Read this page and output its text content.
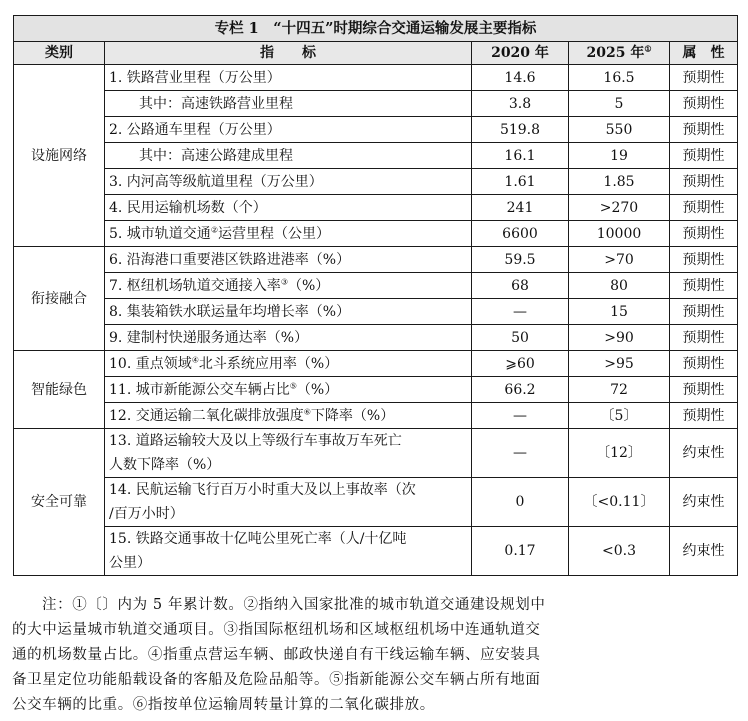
专栏 1　“十四五”时期综合交通运输发展主要指标				
类别	指　　标	2020 年	2025 年①	属　性
设施网络	1. 铁路营业里程（万公里）	14.6	16.5	预期性
	其中：高速铁路营业里程	3.8	5	预期性
	2. 公路通车里程（万公里）	519.8	550	预期性
	其中：高速公路建成里程	16.1	19	预期性
	3. 内河高等级航道里程（万公里）	1.61	1.85	预期性
	4. 民用运输机场数（个）	241	>270	预期性
	5. 城市轨道交通②运营里程（公里）	6600	10000	预期性
衔接融合	6. 沿海港口重要港区铁路进港率（%）	59.5	>70	预期性
	7. 枢纽机场轨道交通接入率③（%）	68	80	预期性
	8. 集装箱铁水联运量年均增长率（%）	—	15	预期性
	9. 建制村快递服务通达率（%）	50	>90	预期性
智能绿色	10. 重点领域④北斗系统应用率（%）	⩾60	>95	预期性
	11. 城市新能源公交车辆占比⑤（%）	66.2	72	预期性
	12. 交通运输二氧化碳排放强度⑥下降率（%）	—	〔5〕	预期性
安全可靠	13. 道路运输较大及以上等级行车事故万车死亡
人数下降率（%）	—	〔12〕	约束性

	14. 民航运输飞行百万小时重大及以上事故率（次
/百万小时）	0	〔<0.11〕	约束性

	15. 铁路交通事故十亿吨公里死亡率（人/十亿吨
公里）	0.17	<0.3	约束性

注：①〔〕内为 5 年累计数。②指纳入国家批准的城市轨道交通建设规划中

的大中运量城市轨道交通项目。③指国际枢纽机场和区域枢纽机场中连通轨道交

通的机场数量占比。④指重点营运车辆、邮政快递自有干线运输车辆、应安装具

备卫星定位功能船载设备的客船及危险品船等。⑤指新能源公交车辆占所有地面

公交车辆的比重。⑥指按单位运输周转量计算的二氧化碳排放。
